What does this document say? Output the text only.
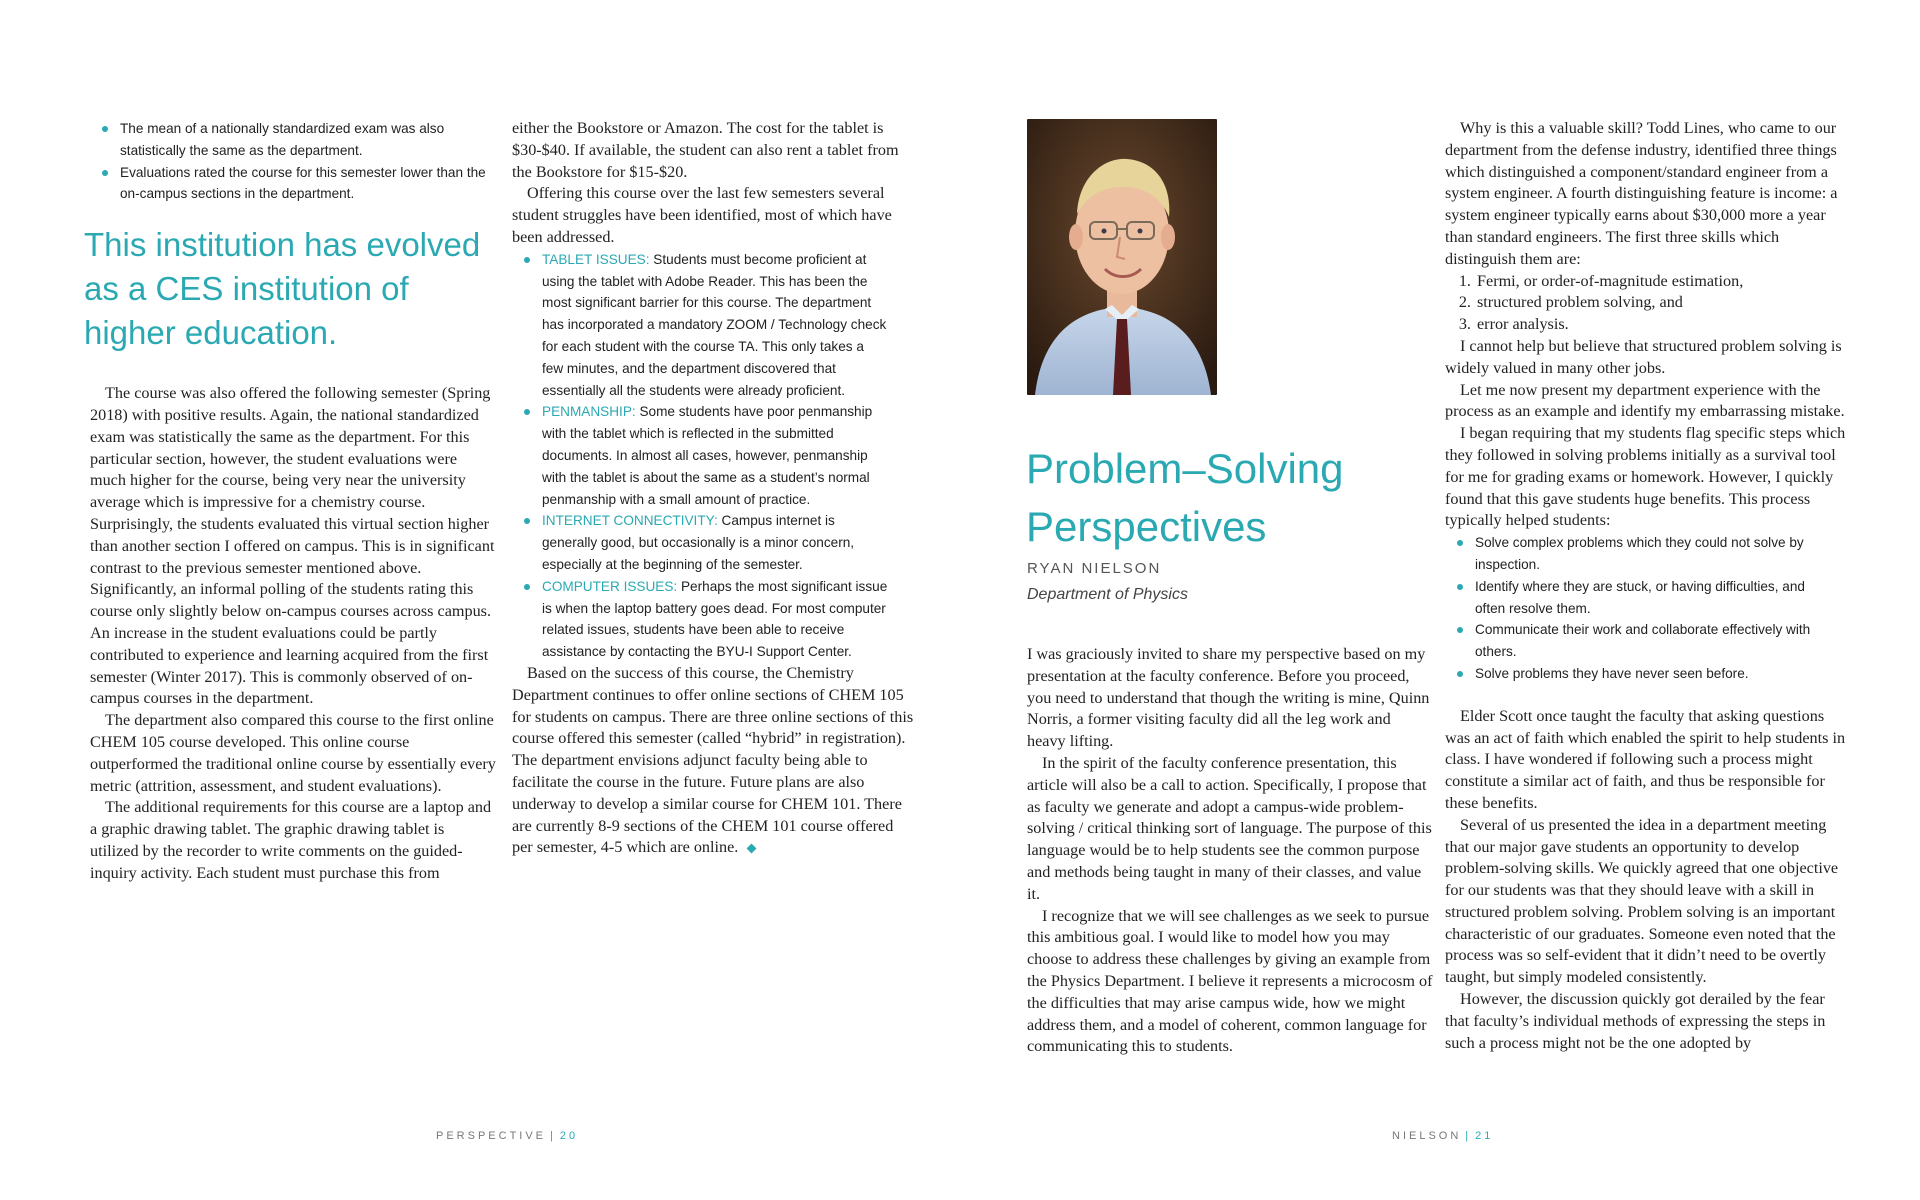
The mean of a nationally standardized exam was also statistically the same as the department.
Evaluations rated the course for this semester lower than the on-campus sections in the department.
This institution has evolved as a CES institution of higher education.

The course was also offered the following semester (Spring 2018) with positive results. Again, the national standardized exam was statistically the same as the department. For this particular section, however, the student evaluations were much higher for the course, being very near the university average which is impressive for a chemistry course. Surprisingly, the students evaluated this virtual section higher than another section I offered on campus. This is in significant contrast to the previous semester mentioned above. Significantly, an informal polling of the students rating this course only slightly below on-campus courses across campus. An increase in the student evaluations could be partly contributed to experience and learning acquired from the first semester (Winter 2017). This is commonly observed of on-campus courses in the department.

The department also compared this course to the first online CHEM 105 course developed. This online course outperformed the traditional online course by essentially every metric (attrition, assessment, and student evaluations).

The additional requirements for this course are a laptop and a graphic drawing tablet. The graphic drawing tablet is utilized by the recorder to write comments on the guided-inquiry activity. Each student must purchase this from

either the Bookstore or Amazon. The cost for the tablet is $30-$40. If available, the student can also rent a tablet from the Bookstore for $15-$20.

Offering this course over the last few semesters several student struggles have been identified, most of which have been addressed.

TABLET ISSUES: Students must become proficient at using the tablet with Adobe Reader. This has been the most significant barrier for this course. The department has incorporated a mandatory ZOOM / Technology check for each student with the course TA. This only takes a few minutes, and the department discovered that essentially all the students were already proficient.
PENMANSHIP: Some students have poor penmanship with the tablet which is reflected in the submitted documents. In almost all cases, however, penmanship with the tablet is about the same as a student’s normal penmanship with a small amount of practice.
INTERNET CONNECTIVITY: Campus internet is generally good, but occasionally is a minor concern, especially at the beginning of the semester.
COMPUTER ISSUES: Perhaps the most significant issue is when the laptop battery goes dead. For most computer related issues, students have been able to receive assistance by contacting the BYU-I Support Center.

Based on the success of this course, the Chemistry Department continues to offer online sections of CHEM 105 for students on campus. There are three online sections of this course offered this semester (called “hybrid” in registration). The department envisions adjunct faculty being able to facilitate the course in the future. Future plans are also underway to develop a similar course for CHEM 101. There are currently 8-9 sections of the CHEM 101 course offered per semester, 4-5 which are online.

PERSPECTIVE | 20
Problem–Solving
Perspectives
RYAN NIELSON
Department of Physics

I was graciously invited to share my perspective based on my presentation at the faculty conference. Before you proceed, you need to understand that though the writing is mine, Quinn Norris, a former visiting faculty did all the leg work and heavy lifting.

In the spirit of the faculty conference presentation, this article will also be a call to action. Specifically, I propose that as faculty we generate and adopt a campus-wide problem-solving / critical thinking sort of language. The purpose of this language would be to help students see the common purpose and methods being taught in many of their classes, and value it.

I recognize that we will see challenges as we seek to pursue this ambitious goal. I would like to model how you may choose to address these challenges by giving an example from the Physics Department. I believe it represents a microcosm of the difficulties that may arise campus wide, how we might address them, and a model of coherent, common language for communicating this to students.

Why is this a valuable skill? Todd Lines, who came to our department from the defense industry, identified three things which distinguished a component/standard engineer from a system engineer. A fourth distinguishing feature is income: a system engineer typically earns about $30,000 more a year than standard engineers. The first three skills which distinguish them are:

1. Fermi, or order-of-magnitude estimation,
2. structured problem solving, and
3. error analysis.

I cannot help but believe that structured problem solving is widely valued in many other jobs.

Let me now present my department experience with the process as an example and identify my embarrassing mistake.

I began requiring that my students flag specific steps which they followed in solving problems initially as a survival tool for me for grading exams or homework. However, I quickly found that this gave students huge benefits. This process typically helped students:

Solve complex problems which they could not solve by inspection.
Identify where they are stuck, or having difficulties, and often resolve them.
Communicate their work and collaborate effectively with others.
Solve problems they have never seen before.

Elder Scott once taught the faculty that asking questions was an act of faith which enabled the spirit to help students in class. I have wondered if following such a process might constitute a similar act of faith, and thus be responsible for these benefits.

Several of us presented the idea in a department meeting that our major gave students an opportunity to develop problem-solving skills. We quickly agreed that one objective for our students was that they should leave with a skill in structured problem solving. Problem solving is an important characteristic of our graduates. Someone even noted that the process was so self-evident that it didn’t need to be overtly taught, but simply modeled consistently.

However, the discussion quickly got derailed by the fear that faculty’s individual methods of expressing the steps in such a process might not be the one adopted by

NIELSON | 21
